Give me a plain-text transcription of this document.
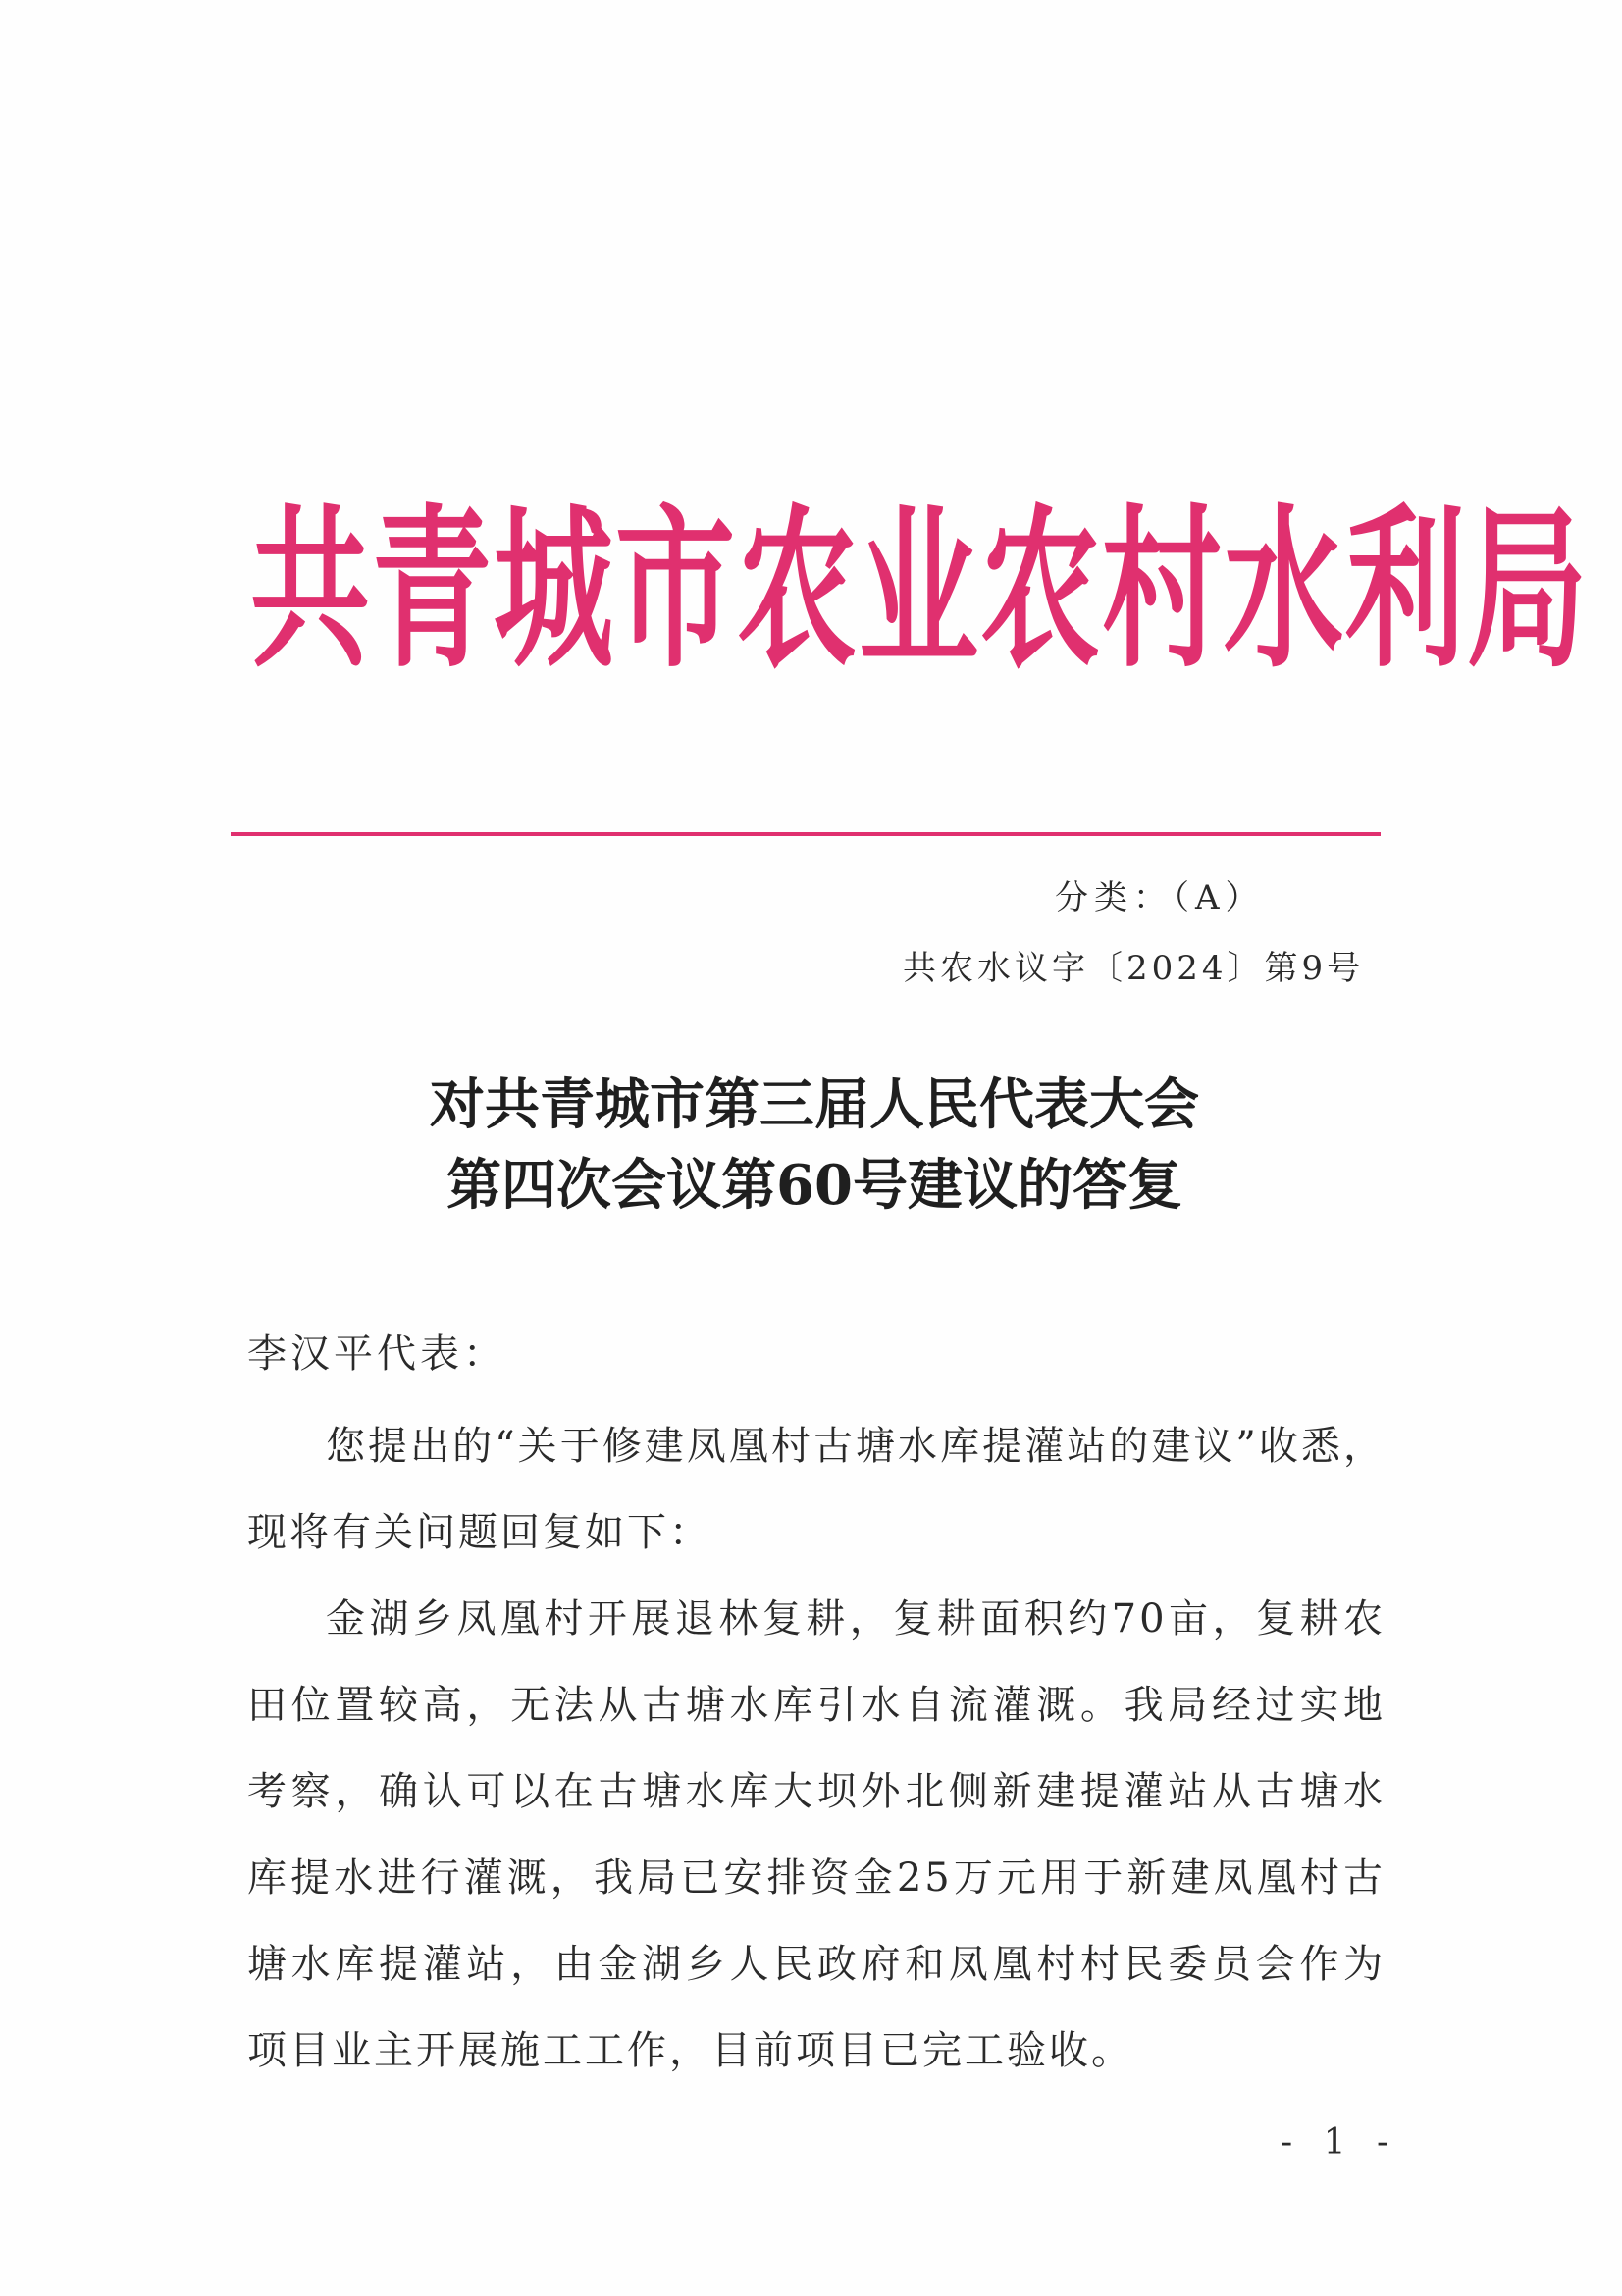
共青城市农业农村水利局
分类：（A）
共农水议字〔2024〕第9号
对共青城市第三届人民代表大会
第四次会议第60号建议的答复
李汉平代表：

您提出的“关于修建凤凰村古塘水库提灌站的建议”收悉，现将有关问题回复如下：

金湖乡凤凰村开展退林复耕，复耕面积约70亩，复耕农田位置较高，无法从古塘水库引水自流灌溉。我局经过实地考察，确认可以在古塘水库大坝外北侧新建提灌站从古塘水库提水进行灌溉，我局已安排资金25万元用于新建凤凰村古塘水库提灌站，由金湖乡人民政府和凤凰村村民委员会作为项目业主开展施工工作，目前项目已完工验收。

- 1 -
